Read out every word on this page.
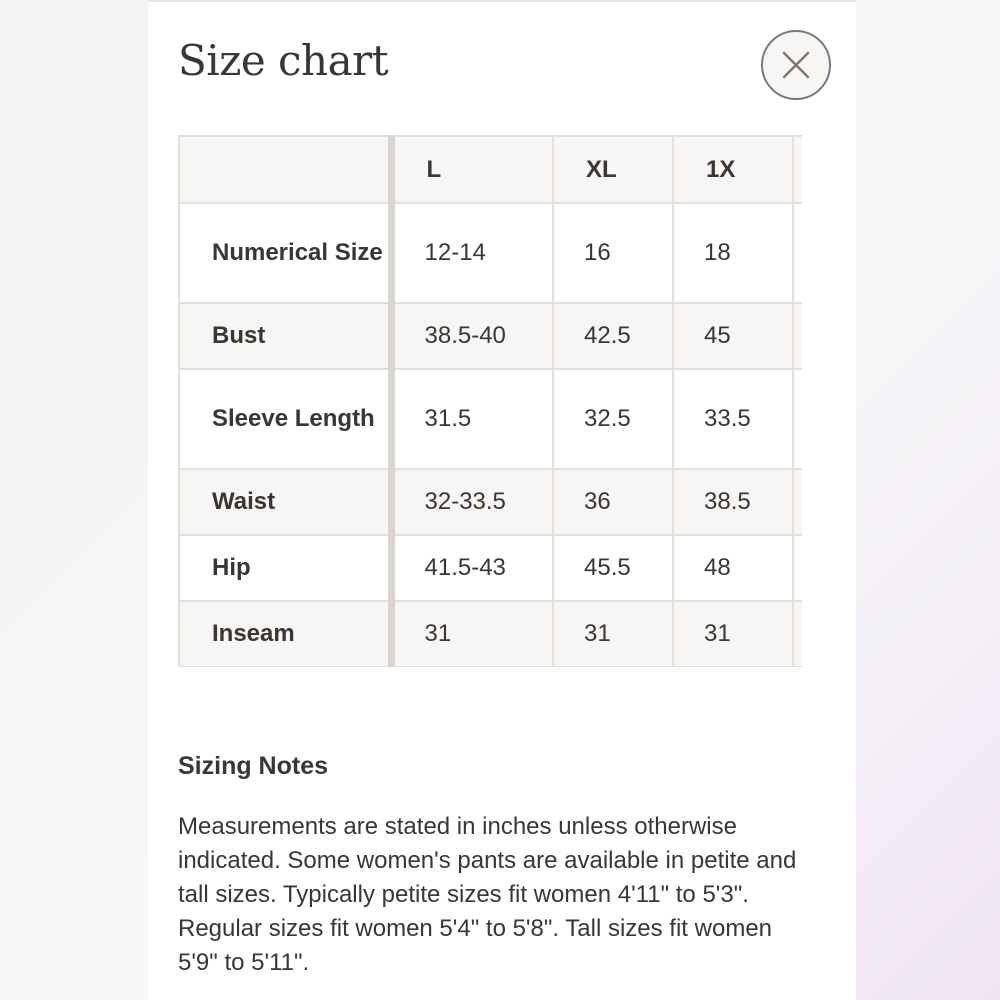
Size chart
	L	XL	1X	
Numerical Size	12-14	16	18	
Bust	38.5-40	42.5	45	
Sleeve Length	31.5	32.5	33.5	
Waist	32-33.5	36	38.5	
Hip	41.5-43	45.5	48	
Inseam	31	31	31	
Sizing Notes

Measurements are stated in inches unless otherwise indicated. Some women's pants are available in petite and tall sizes. Typically petite sizes fit women 4'11" to 5'3". Regular sizes fit women 5'4" to 5'8". Tall sizes fit women 5'9" to 5'11".
